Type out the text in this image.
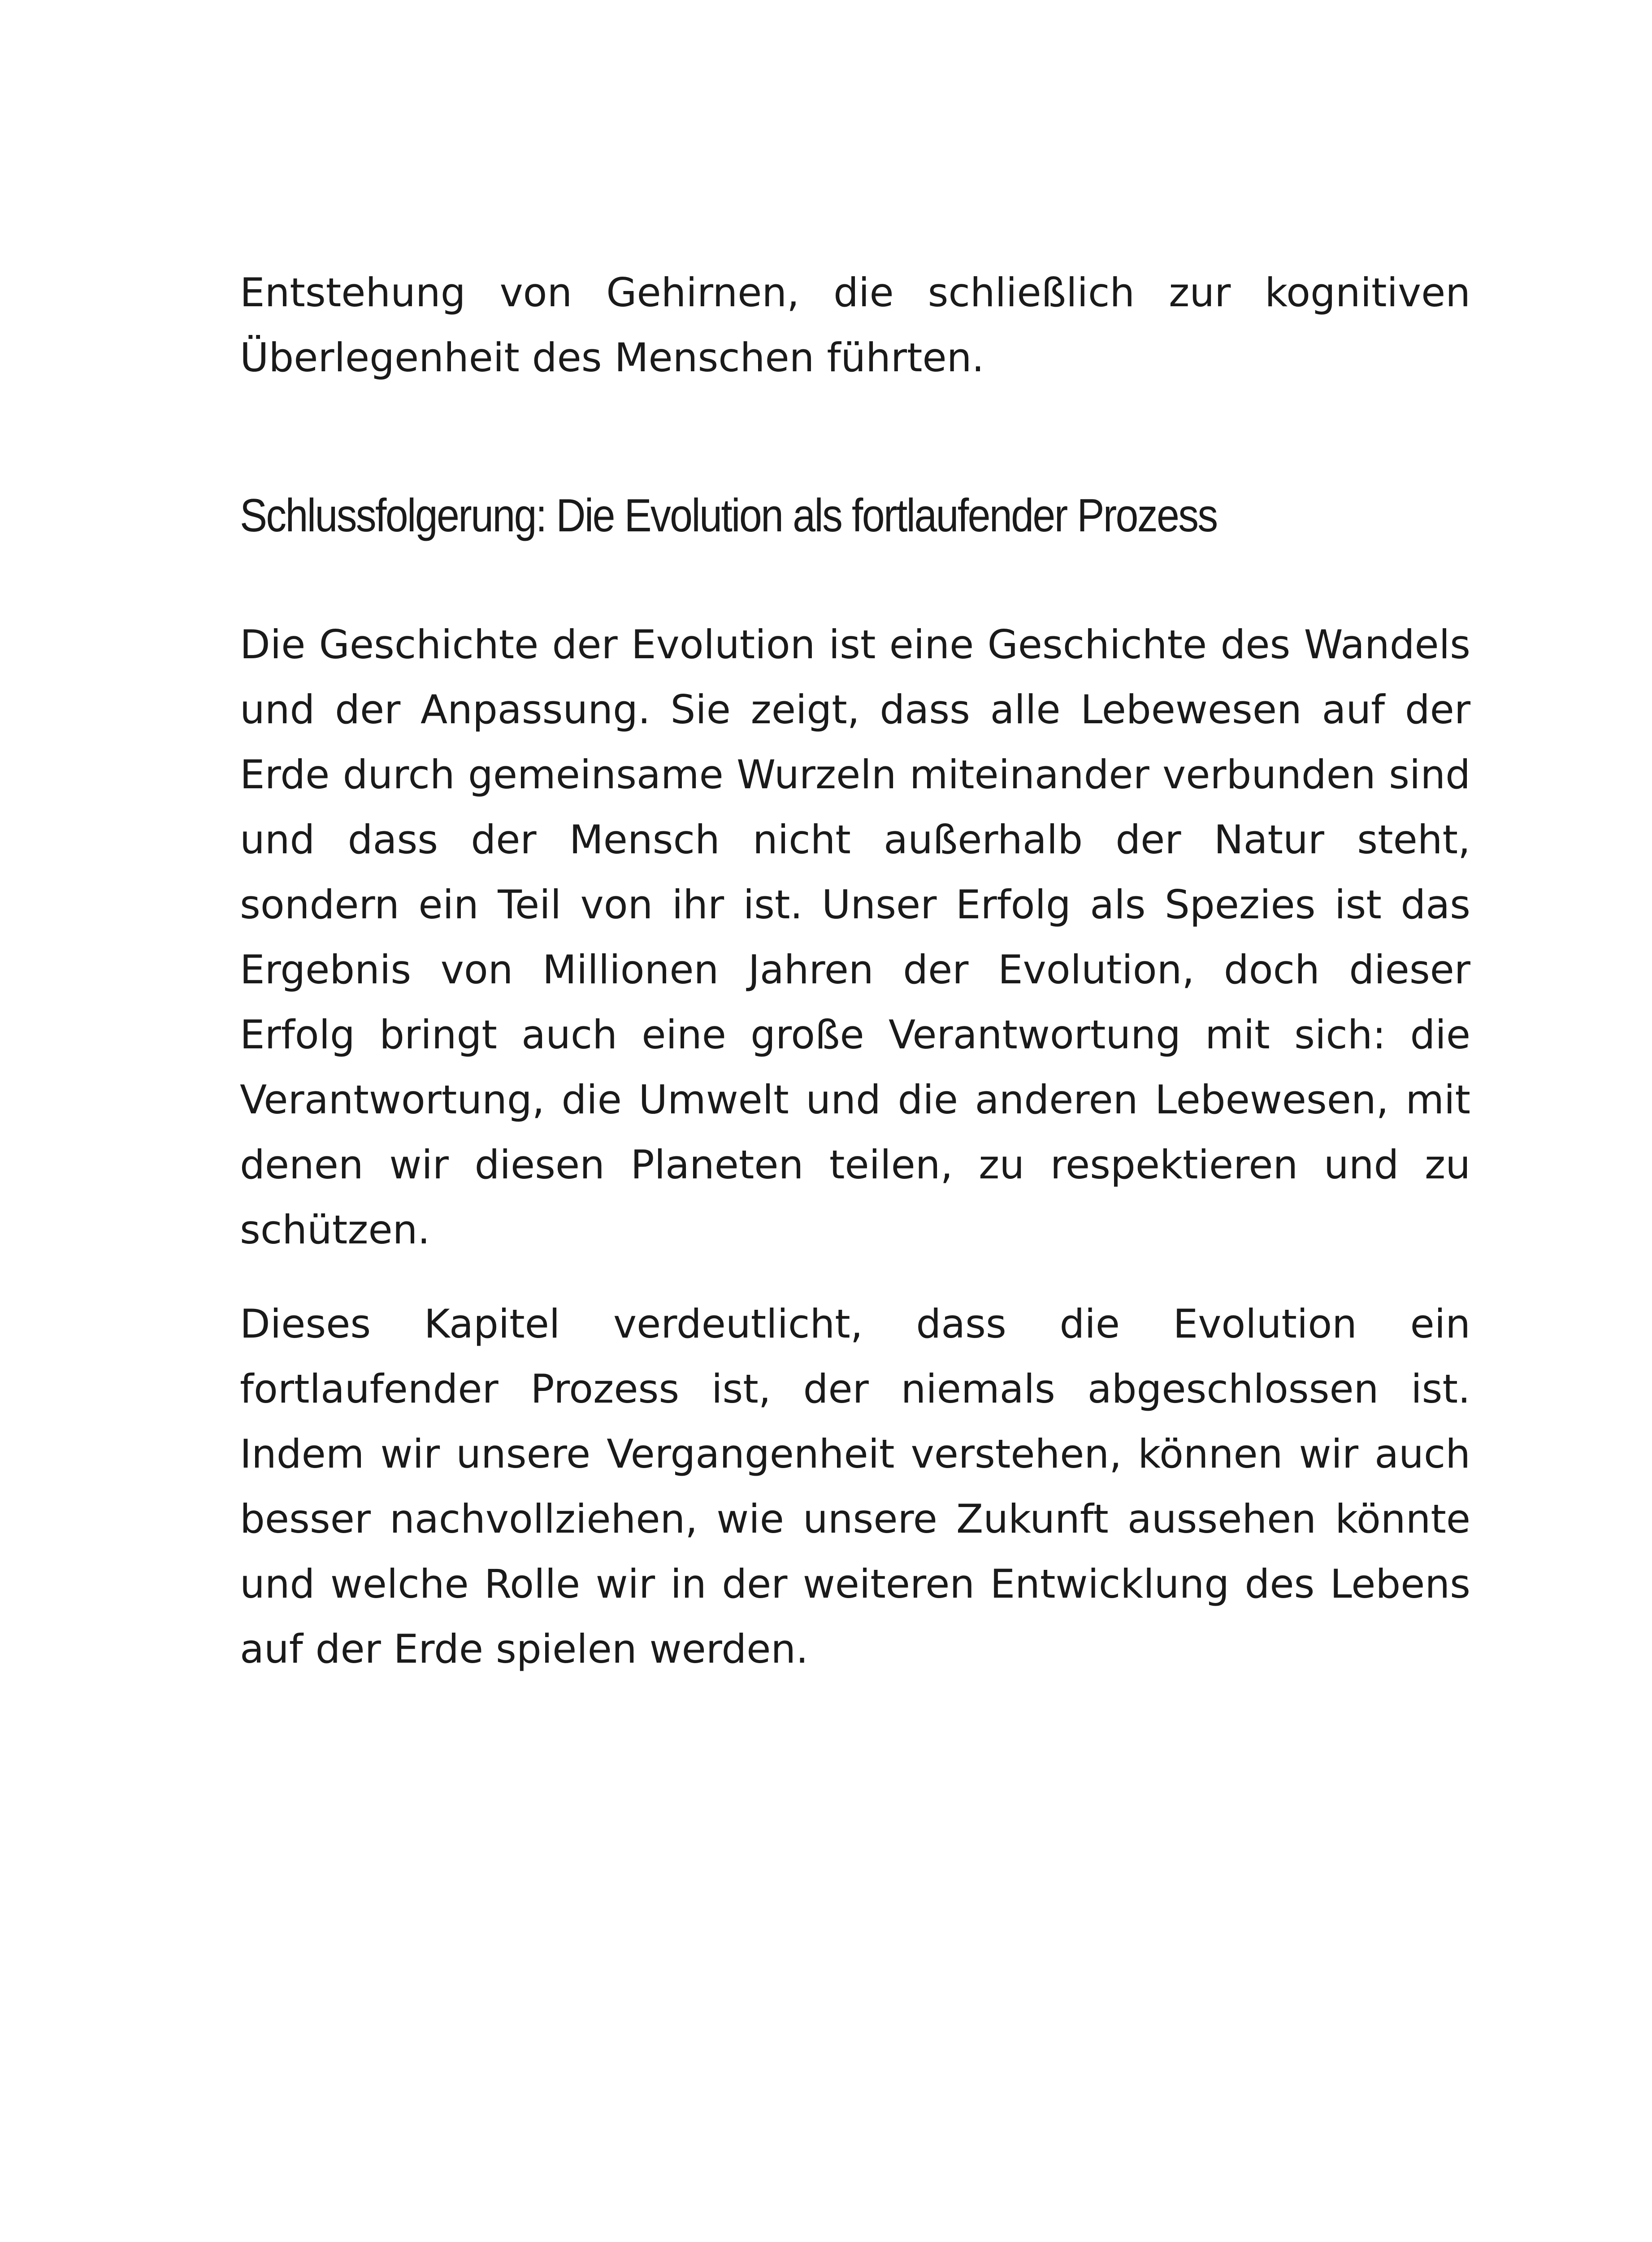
Entstehung von Gehirnen, die schließlich zur kognitiven Überlegenheit des Menschen führten.

Schlussfolgerung: Die Evolution als fortlaufender Prozess

Die Geschichte der Evolution ist eine Geschichte des Wandels und der Anpassung. Sie zeigt, dass alle Lebewesen auf der Erde durch gemeinsame Wurzeln miteinander verbunden sind und dass der Mensch nicht außerhalb der Natur steht, sondern ein Teil von ihr ist. Unser Erfolg als Spezies ist das Ergebnis von Millionen Jahren der Evolution, doch dieser Erfolg bringt auch eine große Verantwortung mit sich: die Verantwortung, die Umwelt und die anderen Lebewesen, mit denen wir diesen Planeten teilen, zu respektieren und zu schützen.

Dieses Kapitel verdeutlicht, dass die Evolution ein fortlaufender Prozess ist, der niemals abgeschlossen ist. Indem wir unsere Vergangenheit verstehen, können wir auch besser nachvollziehen, wie unsere Zukunft aussehen könnte und welche Rolle wir in der weiteren Entwicklung des Lebens auf der Erde spielen werden.
